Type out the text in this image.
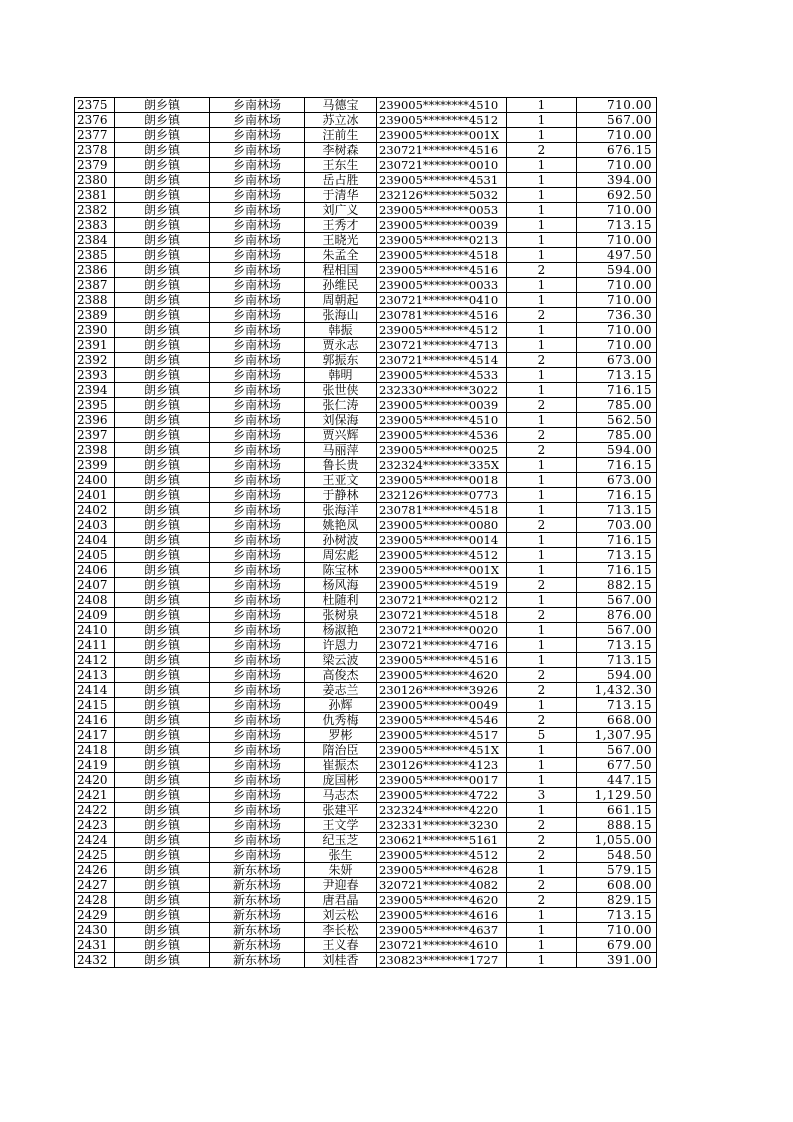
2375	朗乡镇	乡南林场	马德宝	239005********4510	1	710.00
2376	朗乡镇	乡南林场	苏立冰	239005********4512	1	567.00
2377	朗乡镇	乡南林场	汪前生	239005********001X	1	710.00
2378	朗乡镇	乡南林场	李树森	230721********4516	2	676.15
2379	朗乡镇	乡南林场	王东生	230721********0010	1	710.00
2380	朗乡镇	乡南林场	岳占胜	239005********4531	1	394.00
2381	朗乡镇	乡南林场	于清华	232126********5032	1	692.50
2382	朗乡镇	乡南林场	刘广义	239005********0053	1	710.00
2383	朗乡镇	乡南林场	王秀才	239005********0039	1	713.15
2384	朗乡镇	乡南林场	王晓光	239005********0213	1	710.00
2385	朗乡镇	乡南林场	朱孟全	239005********4518	1	497.50
2386	朗乡镇	乡南林场	程相国	239005********4516	2	594.00
2387	朗乡镇	乡南林场	孙维民	239005********0033	1	710.00
2388	朗乡镇	乡南林场	周朝起	230721********0410	1	710.00
2389	朗乡镇	乡南林场	张海山	230781********4516	2	736.30
2390	朗乡镇	乡南林场	韩振	239005********4512	1	710.00
2391	朗乡镇	乡南林场	贾永志	230721********4713	1	710.00
2392	朗乡镇	乡南林场	郭振东	230721********4514	2	673.00
2393	朗乡镇	乡南林场	韩明	239005********4533	1	713.15
2394	朗乡镇	乡南林场	张世侠	232330********3022	1	716.15
2395	朗乡镇	乡南林场	张仁涛	239005********0039	2	785.00
2396	朗乡镇	乡南林场	刘保海	239005********4510	1	562.50
2397	朗乡镇	乡南林场	贾兴辉	239005********4536	2	785.00
2398	朗乡镇	乡南林场	马丽萍	239005********0025	2	594.00
2399	朗乡镇	乡南林场	鲁长贵	232324********335X	1	716.15
2400	朗乡镇	乡南林场	王亚文	239005********0018	1	673.00
2401	朗乡镇	乡南林场	于静林	232126********0773	1	716.15
2402	朗乡镇	乡南林场	张海洋	230781********4518	1	713.15
2403	朗乡镇	乡南林场	姚艳凤	239005********0080	2	703.00
2404	朗乡镇	乡南林场	孙树波	239005********0014	1	716.15
2405	朗乡镇	乡南林场	周宏彪	239005********4512	1	713.15
2406	朗乡镇	乡南林场	陈宝林	239005********001X	1	716.15
2407	朗乡镇	乡南林场	杨风海	239005********4519	2	882.15
2408	朗乡镇	乡南林场	杜随利	230721********0212	1	567.00
2409	朗乡镇	乡南林场	张树泉	230721********4518	2	876.00
2410	朗乡镇	乡南林场	杨淑艳	230721********0020	1	567.00
2411	朗乡镇	乡南林场	许恩力	230721********4716	1	713.15
2412	朗乡镇	乡南林场	梁云波	239005********4516	1	713.15
2413	朗乡镇	乡南林场	高俊杰	239005********4620	2	594.00
2414	朗乡镇	乡南林场	姜志兰	230126********3926	2	1,432.30
2415	朗乡镇	乡南林场	孙辉	239005********0049	1	713.15
2416	朗乡镇	乡南林场	仇秀梅	239005********4546	2	668.00
2417	朗乡镇	乡南林场	罗彬	239005********4517	5	1,307.95
2418	朗乡镇	乡南林场	隋治臣	239005********451X	1	567.00
2419	朗乡镇	乡南林场	崔振杰	230126********4123	1	677.50
2420	朗乡镇	乡南林场	庞国彬	239005********0017	1	447.15
2421	朗乡镇	乡南林场	马志杰	239005********4722	3	1,129.50
2422	朗乡镇	乡南林场	张建平	232324********4220	1	661.15
2423	朗乡镇	乡南林场	王文学	232331********3230	2	888.15
2424	朗乡镇	乡南林场	纪玉芝	230621********5161	2	1,055.00
2425	朗乡镇	乡南林场	张生	239005********4512	2	548.50
2426	朗乡镇	新东林场	朱妍	239005********4628	1	579.15
2427	朗乡镇	新东林场	尹迎春	320721********4082	2	608.00
2428	朗乡镇	新东林场	唐君晶	239005********4620	2	829.15
2429	朗乡镇	新东林场	刘云松	239005********4616	1	713.15
2430	朗乡镇	新东林场	李长松	239005********4637	1	710.00
2431	朗乡镇	新东林场	王义春	230721********4610	1	679.00
2432	朗乡镇	新东林场	刘桂香	230823********1727	1	391.00
